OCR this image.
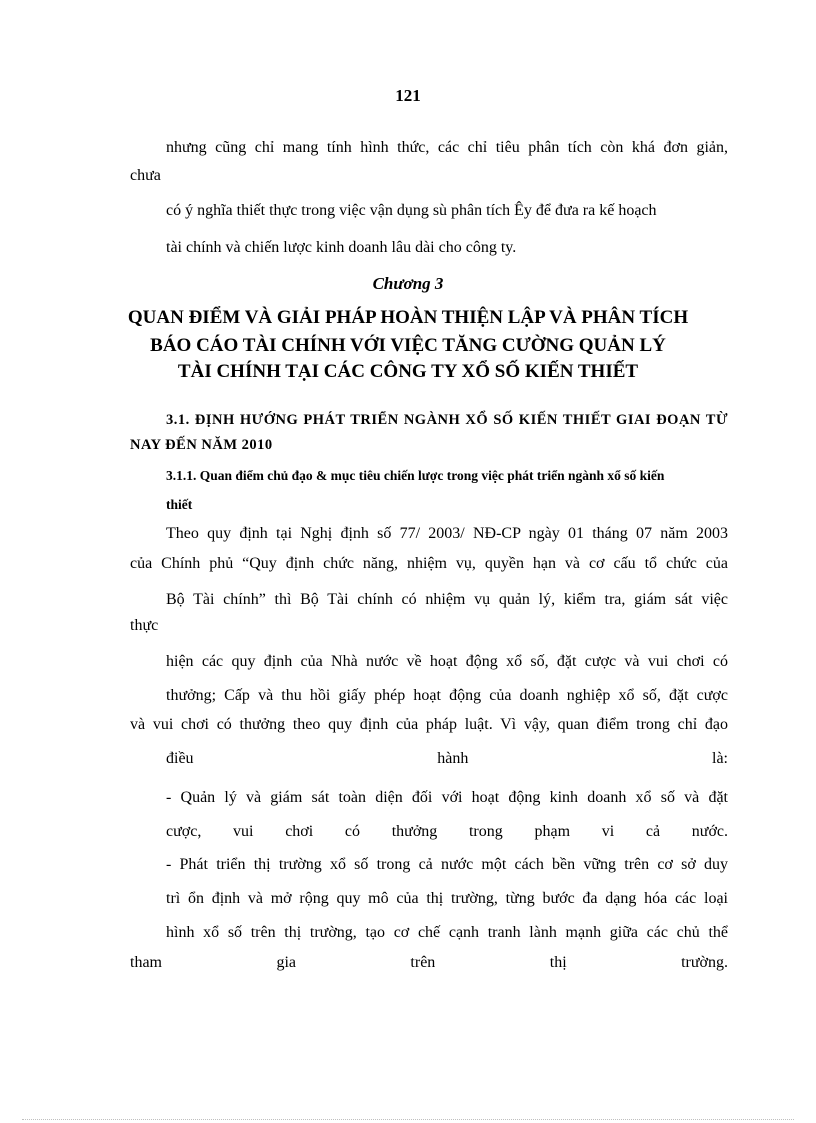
121
nhưng cũng chỉ mang tính hình thức, các chỉ tiêu phân tích còn khá đơn giản,
chưa
có ý nghĩa thiết thực trong việc vận dụng sù phân tích Êy để đưa ra kế hoạch
tài chính và chiến lược kinh doanh lâu dài cho công ty.
Chương 3
QUAN ĐIỂM VÀ GIẢI PHÁP HOÀN THIỆN LẬP VÀ PHÂN TÍCH
BÁO CÁO TÀI CHÍNH VỚI VIỆC TĂNG CƯỜNG QUẢN LÝ
TÀI CHÍNH TẠI CÁC CÔNG TY XỔ SỐ KIẾN THIẾT
3.1. ĐỊNH HƯỚNG PHÁT TRIỂN NGÀNH XỔ SỐ KIẾN THIẾT GIAI ĐOẠN TỪ
NAY ĐẾN NĂM 2010
3.1.1. Quan điểm chủ đạo & mục tiêu chiến lược trong việc phát triển ngành xổ số kiến
thiết
Theo quy định tại Nghị định số 77/ 2003/ NĐ-CP ngày 01 tháng 07 năm 2003
của Chính phủ “Quy định chức năng, nhiệm vụ, quyền hạn và cơ cấu tổ chức của
Bộ Tài chính” thì Bộ Tài chính có nhiệm vụ quản lý, kiểm tra, giám sát việc
thực
hiện các quy định của Nhà nước về hoạt động xổ số, đặt cược và vui chơi có
thưởng; Cấp và thu hồi giấy phép hoạt động của doanh nghiệp xổ số, đặt cược
và vui chơi có thưởng theo quy định của pháp luật. Vì vậy, quan điểm trong chỉ đạo
điều hành là:
- Quản lý và giám sát toàn diện đối với hoạt động kinh doanh xổ số và đặt
cược, vui chơi có thưởng trong phạm vi cả nước.
- Phát triển thị trường xổ số trong cả nước một cách bền vững trên cơ sở duy
trì ổn định và mở rộng quy mô của thị trường, từng bước đa dạng hóa các loại
hình xổ số trên thị trường, tạo cơ chế cạnh tranh lành mạnh giữa các chủ thể
tham gia trên thị trường.
